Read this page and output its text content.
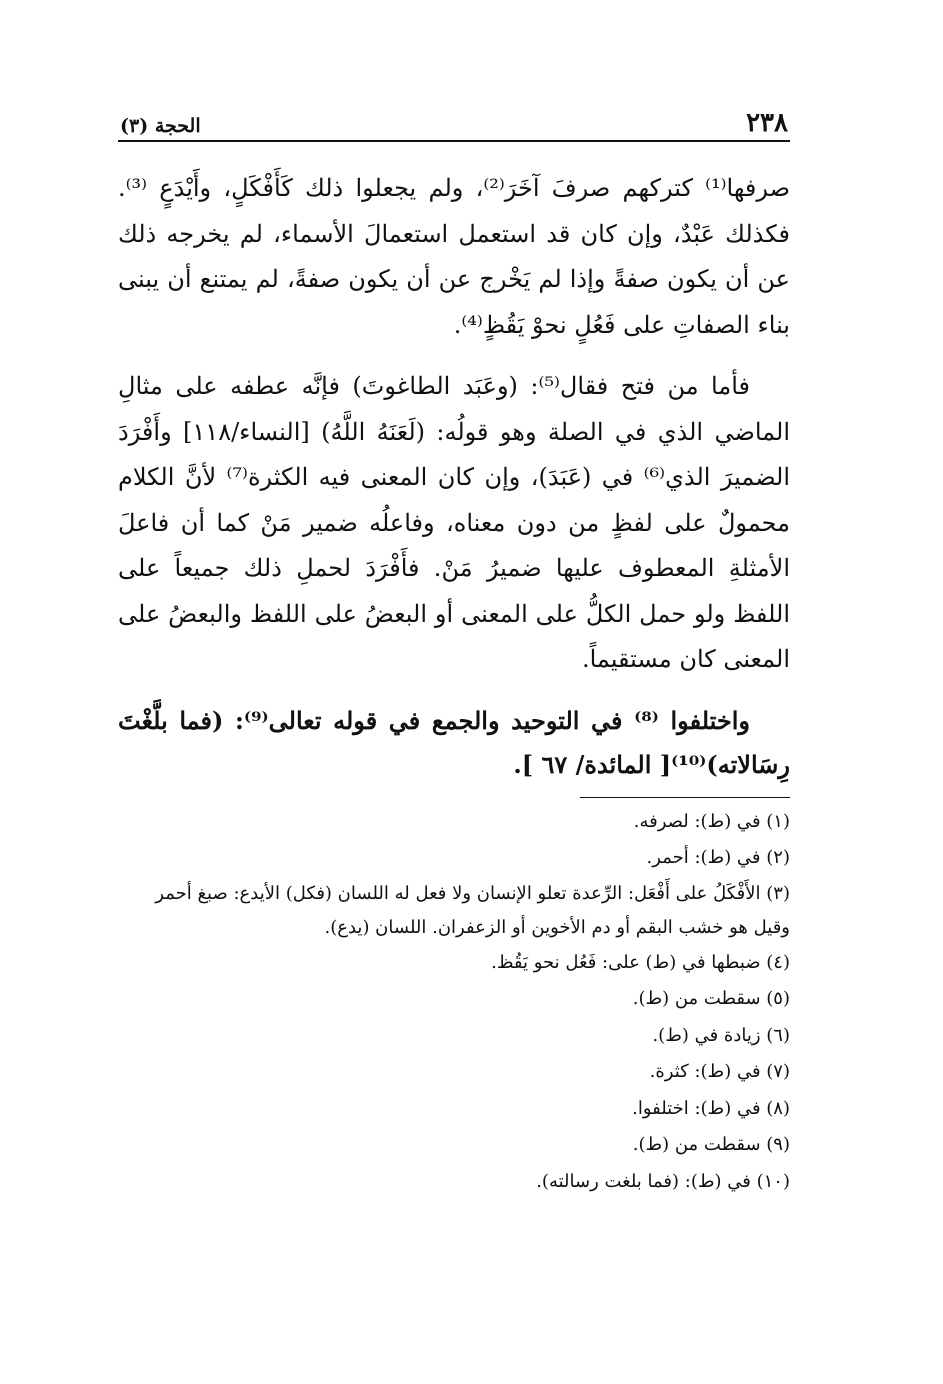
٢٣٨
الحجة (٣)

صرفها⁽¹⁾ كتركهم صرفَ آخَرَ⁽²⁾، ولم يجعلوا ذلك كَأَفْكَلٍ، وأَيْدَعٍ ⁽³⁾. فكذلك عَبْدٌ، وإن كان قد استعمل استعمالَ الأسماء، لم يخرجه ذلك عن أن يكون صفةً وإذا لم يَخْرج عن أن يكون صفةً، لم يمتنع أن يبنى بناء الصفاتِ على فَعُلٍ نحوْ يَقُظٍ⁽⁴⁾.

فأما من فتح فقال⁽⁵⁾: (وعَبَد الطاغوتَ) فإنَّه عطفه على مثالِ الماضي الذي في الصلة وهو قولُه: (لَعَنَهُ اللَّهُ) [النساء/١١٨] وأَفْرَدَ الضميرَ الذي⁽⁶⁾ في (عَبَدَ)، وإن كان المعنى فيه الكثرة⁽⁷⁾ لأنَّ الكلام محمولٌ على لفظٍ من دون معناه، وفاعلُه ضمير مَنْ كما أن فاعلَ الأمثلةِ المعطوف عليها ضميرُ مَنْ. فأَفْرَدَ لحملِ ذلك جميعاً على اللفظ ولو حمل الكلُّ على المعنى أو البعضُ على اللفظ والبعضُ على المعنى كان مستقيماً.

واختلفوا ⁽⁸⁾ في التوحيد والجمع في قوله تعالى⁽⁹⁾: (فما بلَّغْتَ رِسَالاته)⁽¹⁰⁾[ المائدة/ ٦٧ ].

(١) في (ط): لصرفه.

(٢) في (ط): أحمر.

(٣) الأَفْكَلُ على أَفْعَل: الرِّعدة تعلو الإنسان ولا فعل له اللسان (فكل) الأيدع: صبغ أحمر وقيل هو خشب البقم أو دم الأخوين أو الزعفران. اللسان (يدع).

(٤) ضبطها في (ط) على: فَعُل نحو يَقُظ.

(٥) سقطت من (ط).

(٦) زيادة في (ط).

(٧) في (ط): كثرة.

(٨) في (ط): اختلفوا.

(٩) سقطت من (ط).

(١٠) في (ط): (فما بلغت رسالته).
